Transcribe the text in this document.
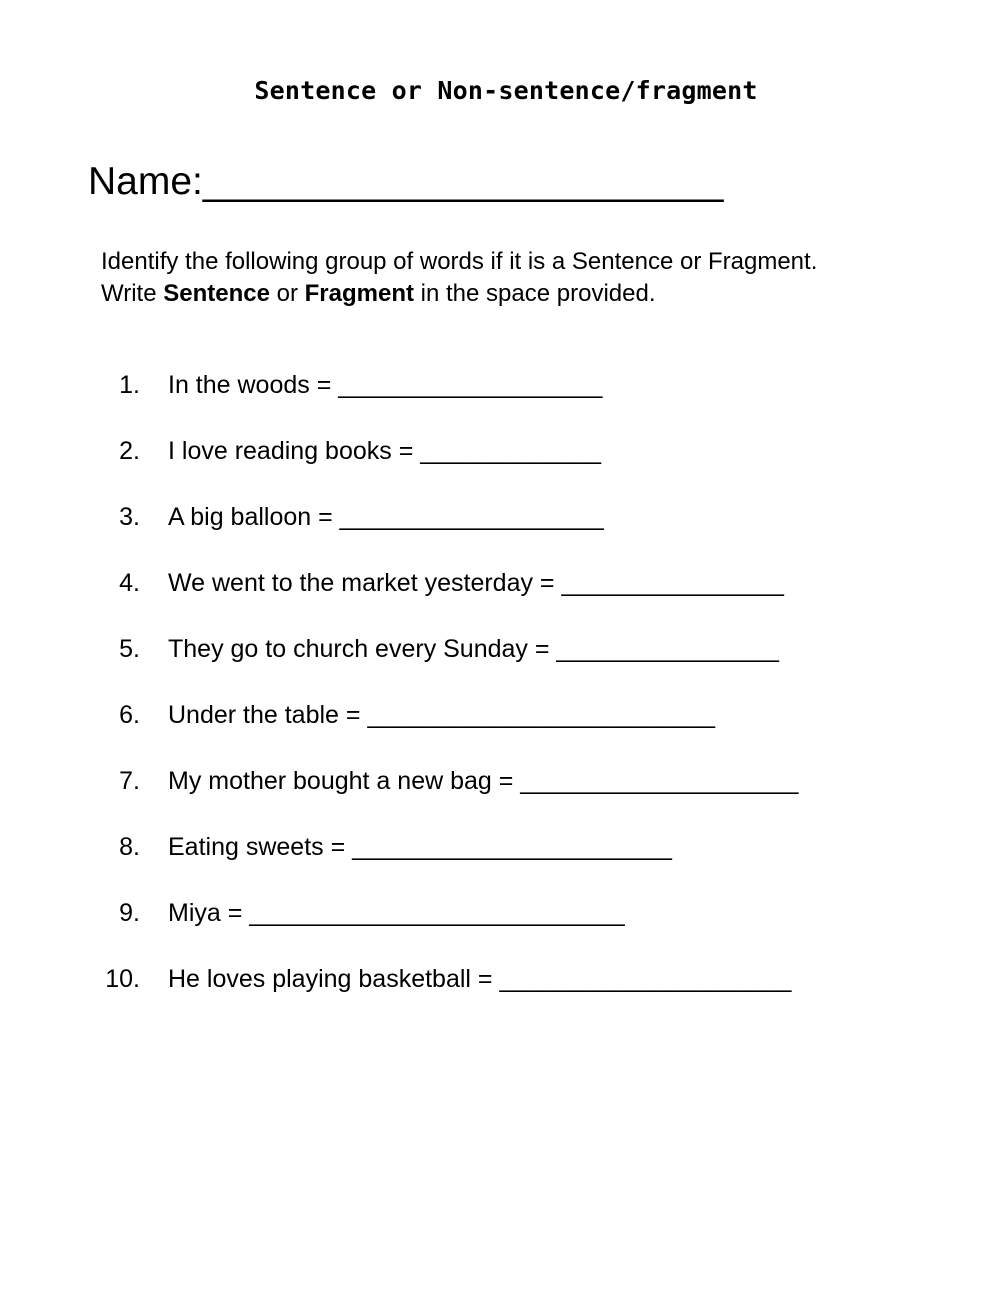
Sentence or Non-sentence/fragment
Name:________________________

Identify the following group of words if it is a Sentence or Fragment.

Write Sentence or Fragment in the space provided.

1. In the woods = ___________________
2. I love reading books = _____________
3. A big balloon = ___________________
4. We went to the market yesterday = ________________
5. They go to church every Sunday = ________________
6. Under the table = _________________________
7. My mother bought a new bag = ____________________
8. Eating sweets = _______________________
9. Miya = ___________________________
10. He loves playing basketball = _____________________
